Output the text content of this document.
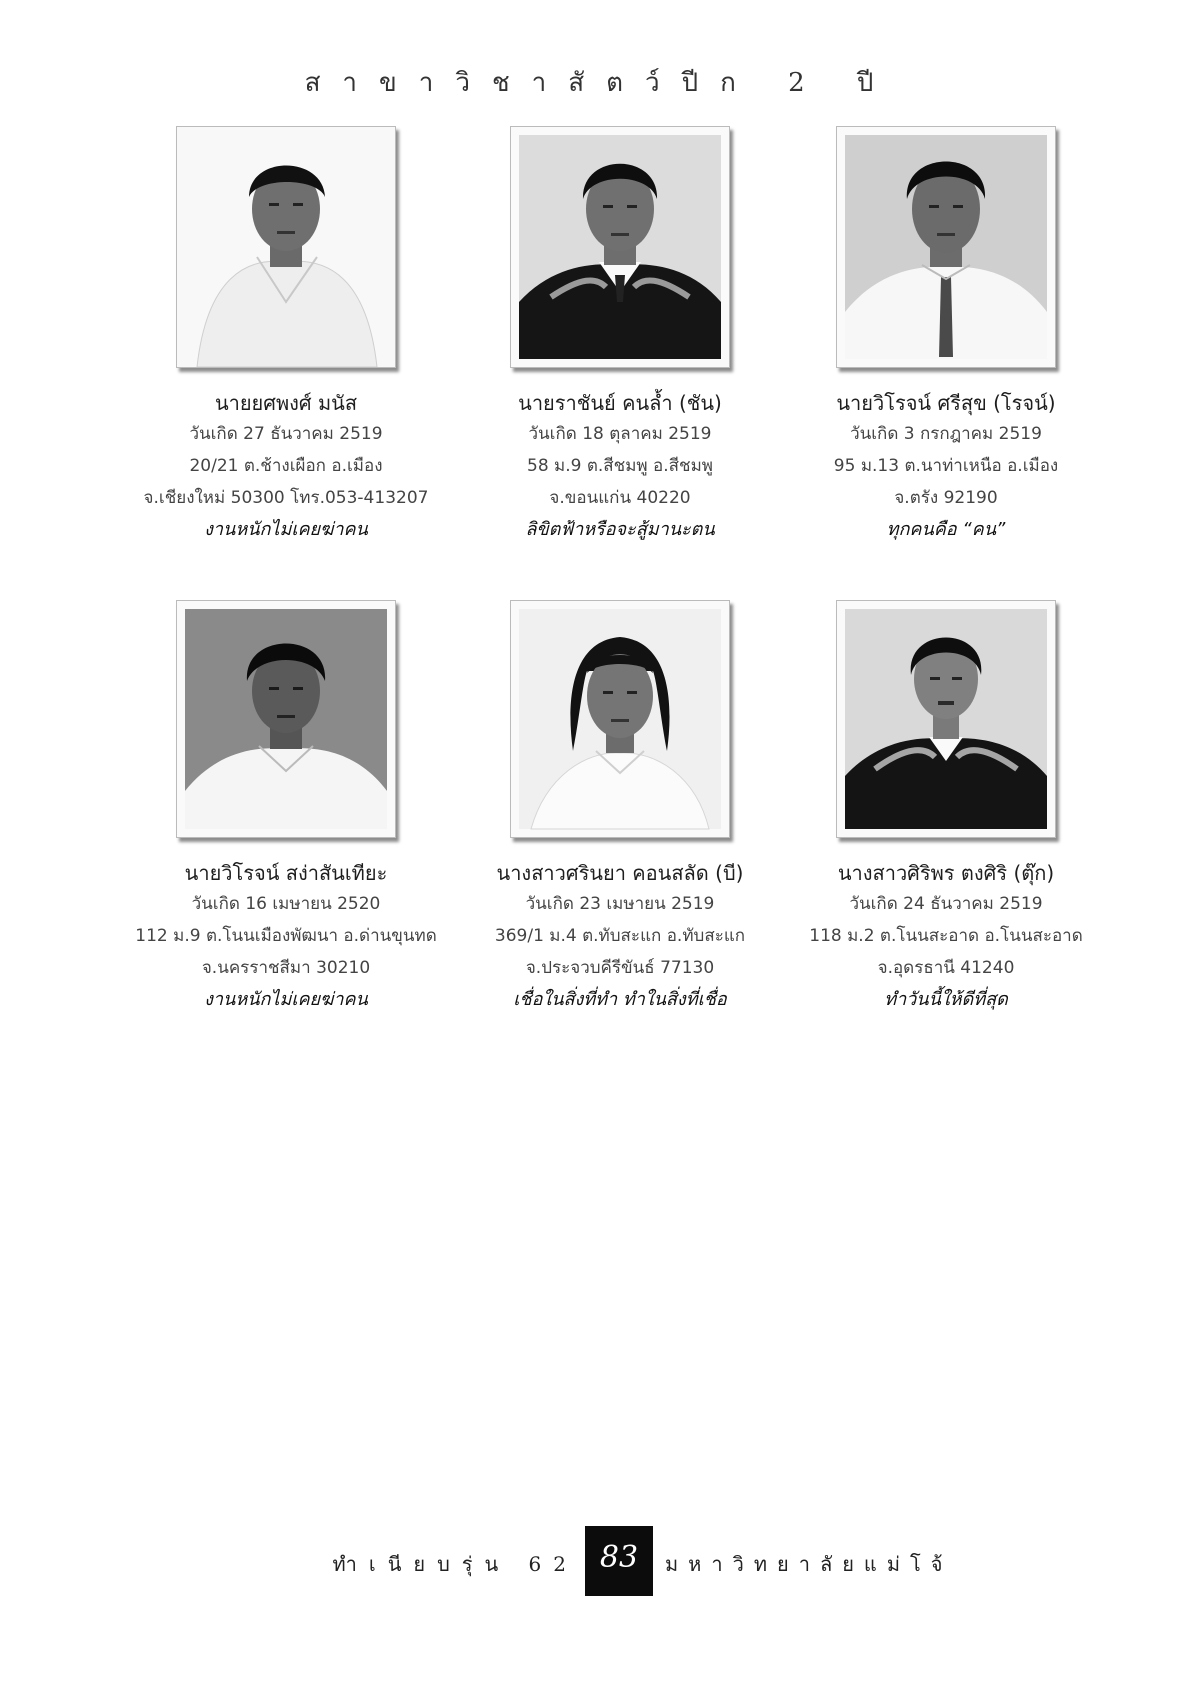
สาขาวิชาสัตว์ปีก 2 ปี
นายยศพงศ์ มนัส
วันเกิด 27 ธันวาคม 2519
20/21 ต.ช้างเผือก อ.เมือง
จ.เชียงใหม่ 50300 โทร.053-413207
งานหนักไม่เคยฆ่าคน
นายราชันย์ คนล้ำ (ชัน)
วันเกิด 18 ตุลาคม 2519
58 ม.9 ต.สีชมพู อ.สีชมพู
จ.ขอนแก่น 40220
ลิขิตฟ้าหรือจะสู้มานะตน
นายวิโรจน์ ศรีสุข (โรจน์)
วันเกิด 3 กรกฎาคม 2519
95 ม.13 ต.นาท่าเหนือ อ.เมือง
จ.ตรัง 92190
ทุกคนคือ “คน”
นายวิโรจน์ สง่าสันเทียะ
วันเกิด 16 เมษายน 2520
112 ม.9 ต.โนนเมืองพัฒนา อ.ด่านขุนทด
จ.นครราชสีมา 30210
งานหนักไม่เคยฆ่าคน
นางสาวศรินยา คอนสลัด (บี)
วันเกิด 23 เมษายน 2519
369/1 ม.4 ต.ทับสะแก อ.ทับสะแก
จ.ประจวบคีรีขันธ์ 77130
เชื่อในสิ่งที่ทำ ทำในสิ่งที่เชื่อ
นางสาวศิริพร ตงศิริ (ตุ๊ก)
วันเกิด 24 ธันวาคม 2519
118 ม.2 ต.โนนสะอาด อ.โนนสะอาด
จ.อุดรธานี 41240
ทำวันนี้ให้ดีที่สุด
ทำเนียบรุ่น 62 83	มหาวิทยาลัยแม่โจ้
